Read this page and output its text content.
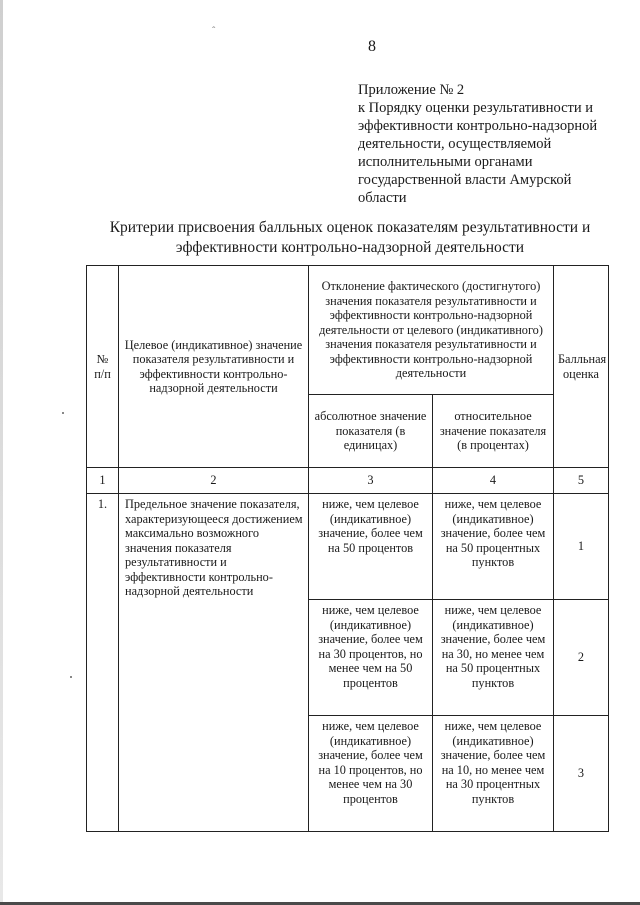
ˆ
8
Приложение № 2
к Порядку оценки результативности и
эффективности контрольно-надзорной
деятельности, осуществляемой
исполнительными органами
государственной власти Амурской
области
Критерии присвоения балльных оценок показателям результативности и
эффективности контрольно-надзорной деятельности
№ п/п	Целевое (индикативное) значение показателя результативности и эффективности контрольно-надзорной деятельности	Отклонение фактического (достигнутого) значения показателя результативности и эффективности контрольно-надзорной деятельности от целевого (индикативного) значения показателя результативности и эффективности контрольно-надзорной деятельности		Балльная оценка
		абсолютное значение показателя (в единицах)	относительное значение показателя (в процентах)	
1	2	3	4	5
1.	Предельное значение показателя, характеризующееся достижением максимально возможного значения показателя результативности и эффективности контрольно-надзорной деятельности	ниже, чем целевое (индикативное) значение, более чем на 50 процентов	ниже, чем целевое (индикативное) значение, более чем на 50 процентных пунктов	1
		ниже, чем целевое (индикативное) значение, более чем на 30 процентов, но менее чем на 50 процентов	ниже, чем целевое (индикативное) значение, более чем на 30, но менее чем на 50 процентных пунктов	2
		ниже, чем целевое (индикативное) значение, более чем на 10 процентов, но менее чем на 30 процентов	ниже, чем целевое (индикативное) значение, более чем на 10, но менее чем на 30 процентных пунктов	3
